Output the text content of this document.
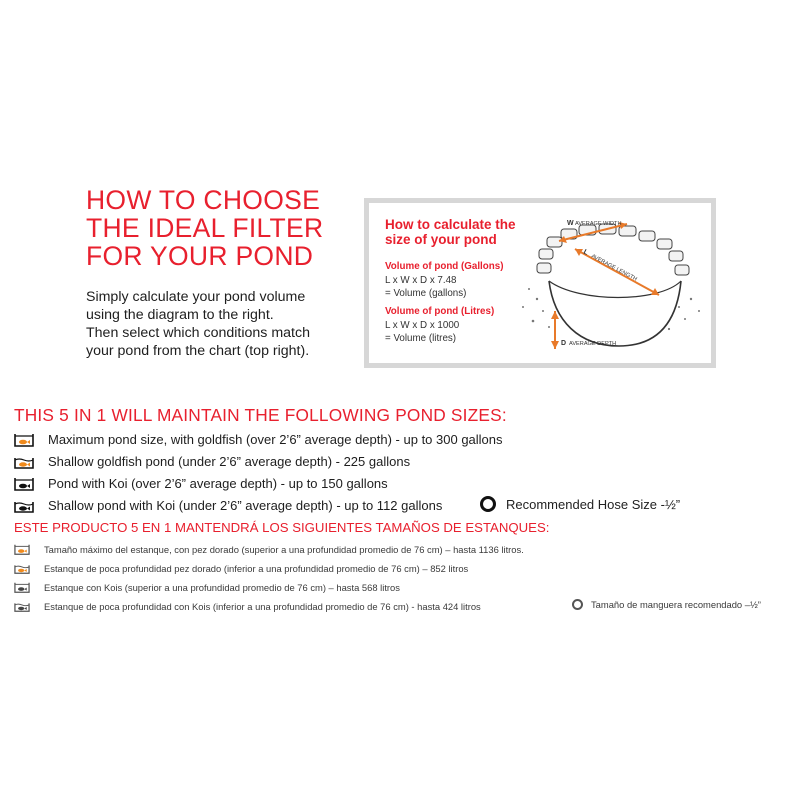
HOW TO CHOOSE
THE IDEAL FILTER
FOR YOUR POND
Simply calculate your pond volume
using the diagram to the right.
Then select which conditions match
your pond from the chart (top right).
How to calculate the
size of your pond
Volume of pond (Gallons)
L x W x D x 7.48
= Volume (gallons)
Volume of pond (Litres)
L x W x D x 1000
= Volume (litres)
W AVERAGE WIDTH
L
AVERAGE LENGTH
D AVERAGE DEPTH
THIS 5 IN 1 WILL MAINTAIN THE FOLLOWING POND SIZES:
Maximum pond size, with goldfish (over 2’6” average depth) - up to 300 gallons
Shallow goldfish pond (under 2’6” average depth) - 225 gallons
Pond with Koi (over 2’6” average depth) - up to 150 gallons
Shallow pond with Koi (under 2’6” average depth) - up to 112 gallons	Recommended Hose Size - ½”
ESTE PRODUCTO 5 EN 1 MANTENDRÁ LOS SIGUIENTES TAMAÑOS DE ESTANQUES:
Tamaño máximo del estanque, con pez dorado (superior a una profundidad promedio de 76 cm) – hasta 1136 litros.
Estanque de poca profundidad pez dorado (inferior a una profundidad promedio de 76 cm) – 852 litros
Estanque con Kois (superior a una profundidad promedio de 76 cm) – hasta 568 litros
Estanque de poca profundidad con Kois (inferior a una profundidad promedio de 76 cm) - hasta 424 litros	Tamaño de manguera recomendado – ½”
